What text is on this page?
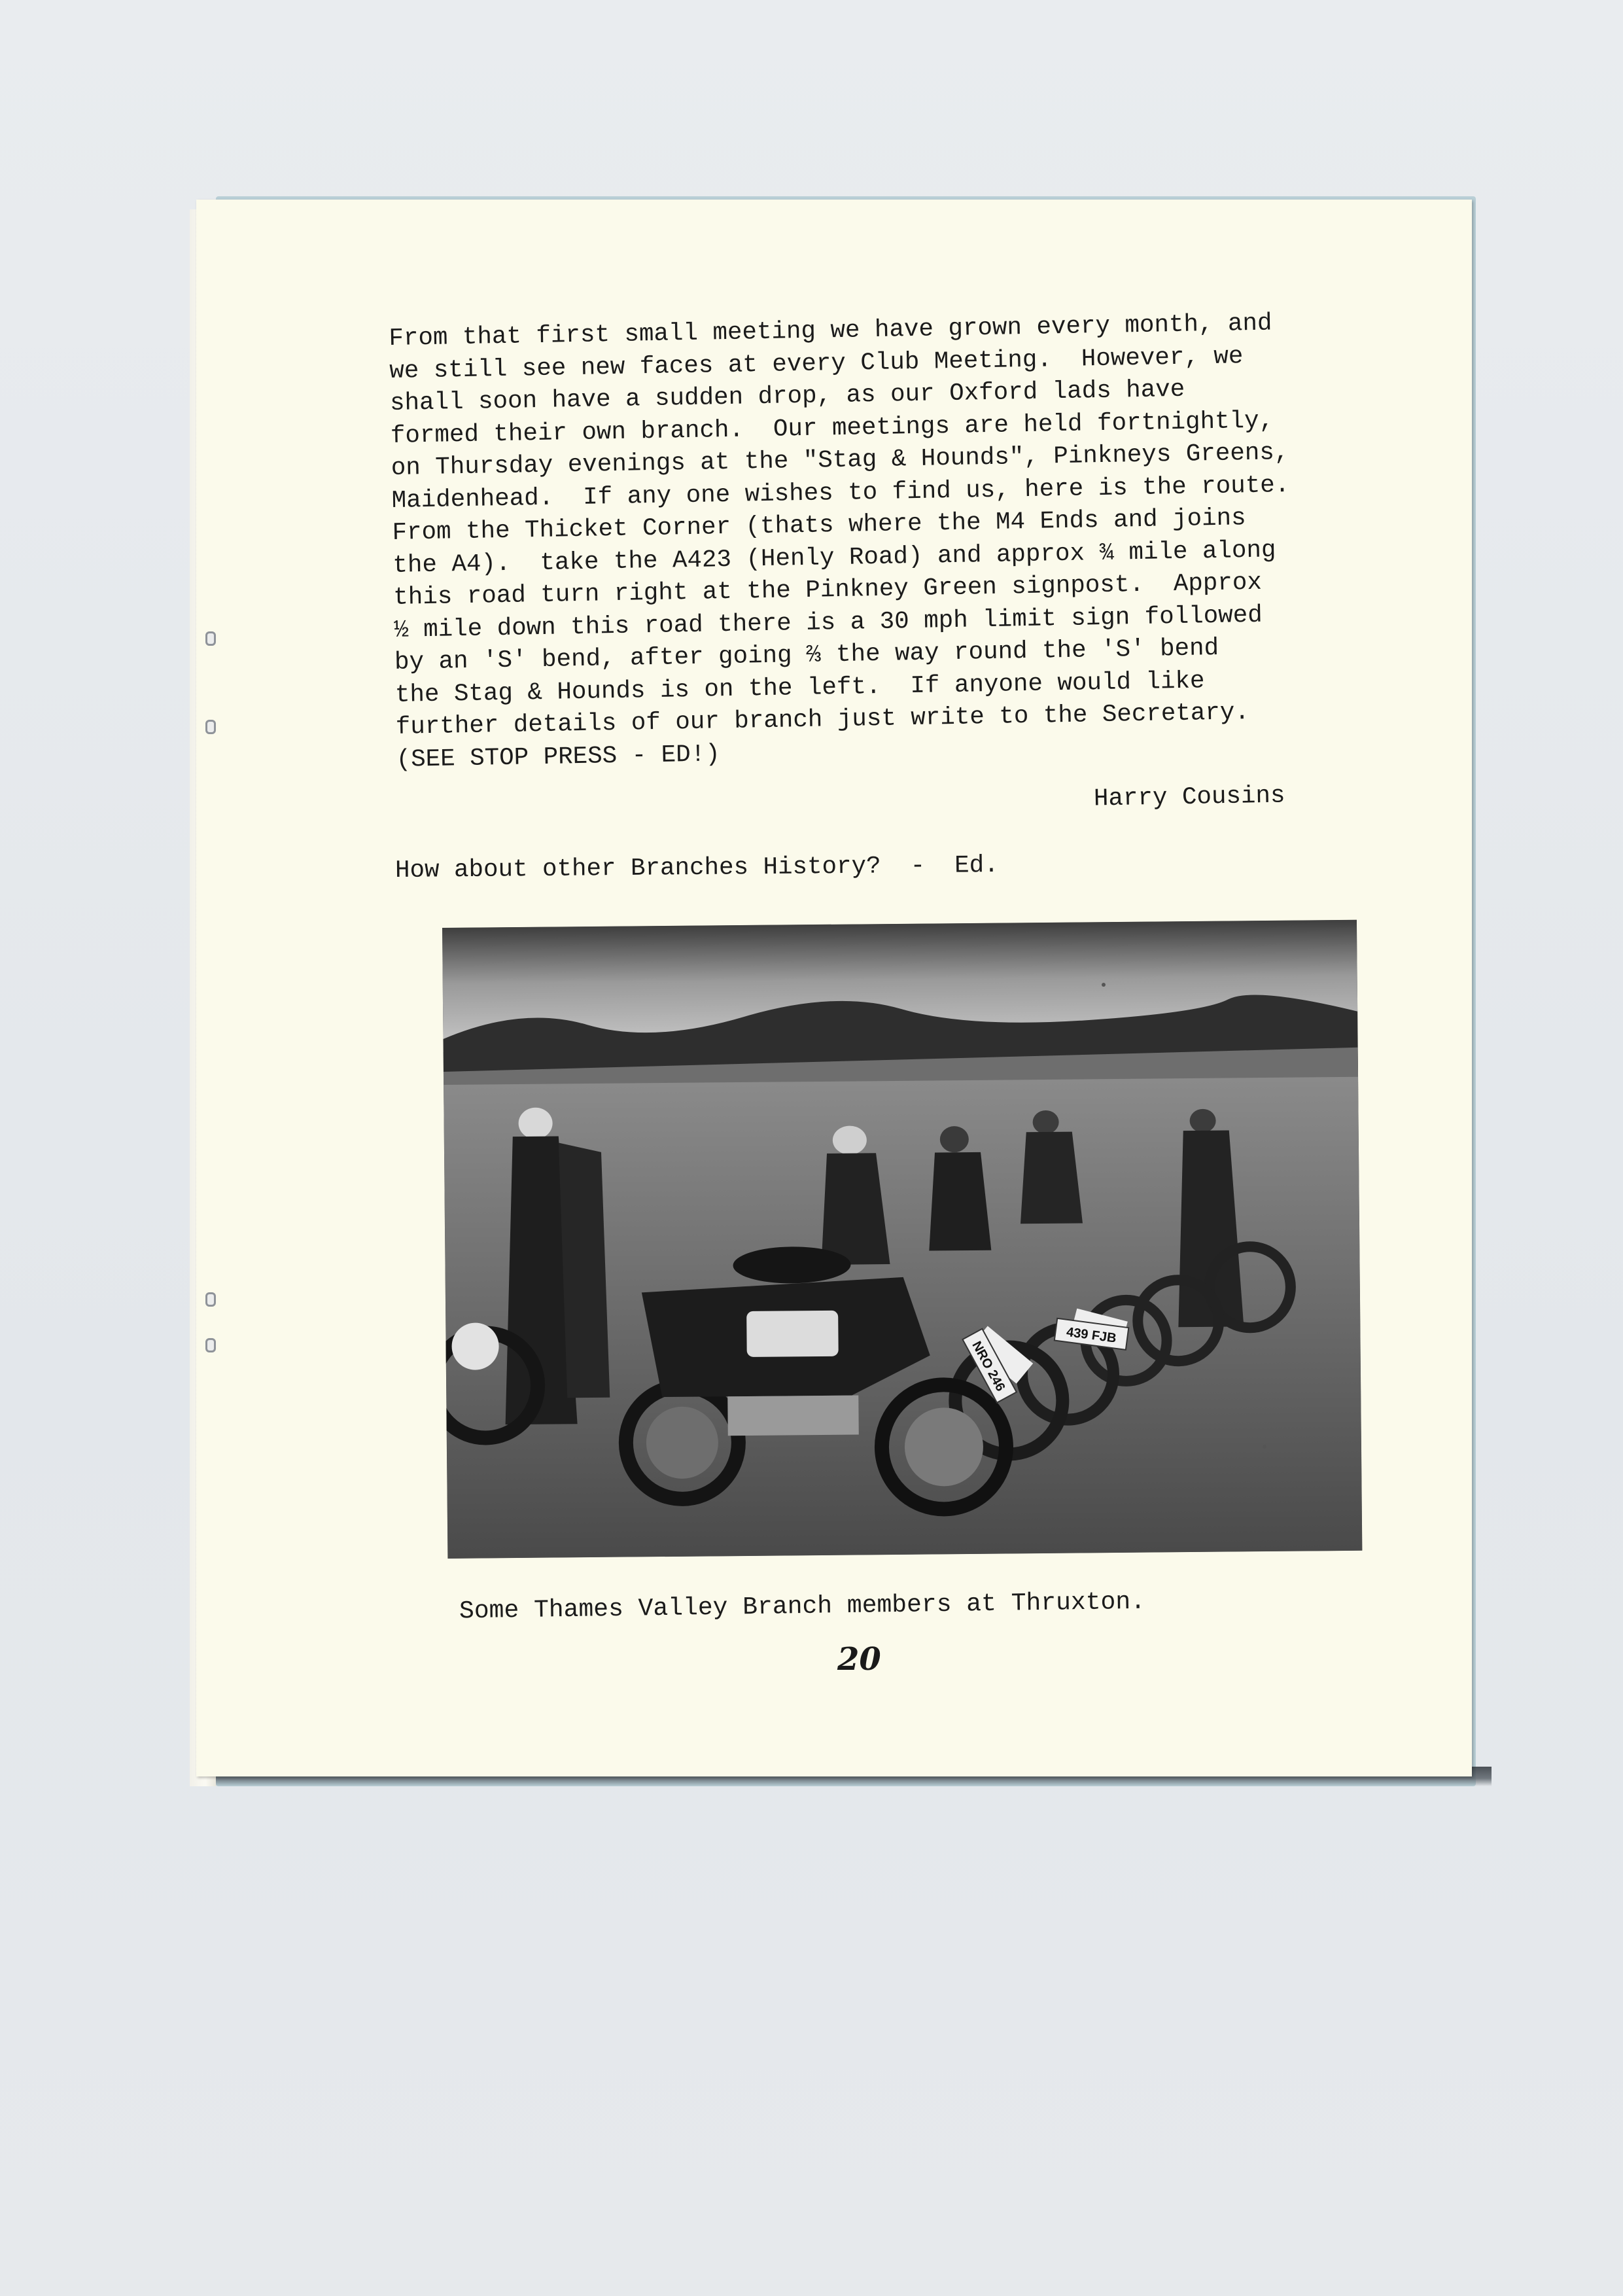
From that first small meeting we have grown every month, and
we still see new faces at every Club Meeting.  However, we
shall soon have a sudden drop, as our Oxford lads have
formed their own branch.  Our meetings are held fortnightly,
on Thursday evenings at the "Stag & Hounds", Pinkneys Greens,
Maidenhead.  If any one wishes to find us, here is the route.
From the Thicket Corner (thats where the M4 Ends and joins
the A4).  take the A423 (Henly Road) and approx ¾ mile along
this road turn right at the Pinkney Green signpost.  Approx
½ mile down this road there is a 30 mph limit sign followed
by an 'S' bend, after going ⅔ the way round the 'S' bend
the Stag & Hounds is on the left.  If anyone would like
further details of our branch just write to the Secretary.
(SEE STOP PRESS - ED!)
Harry Cousins
How about other Branches History?  -  Ed.
NRO 246
439 FJB
Some Thames Valley Branch members at Thruxton.
20
